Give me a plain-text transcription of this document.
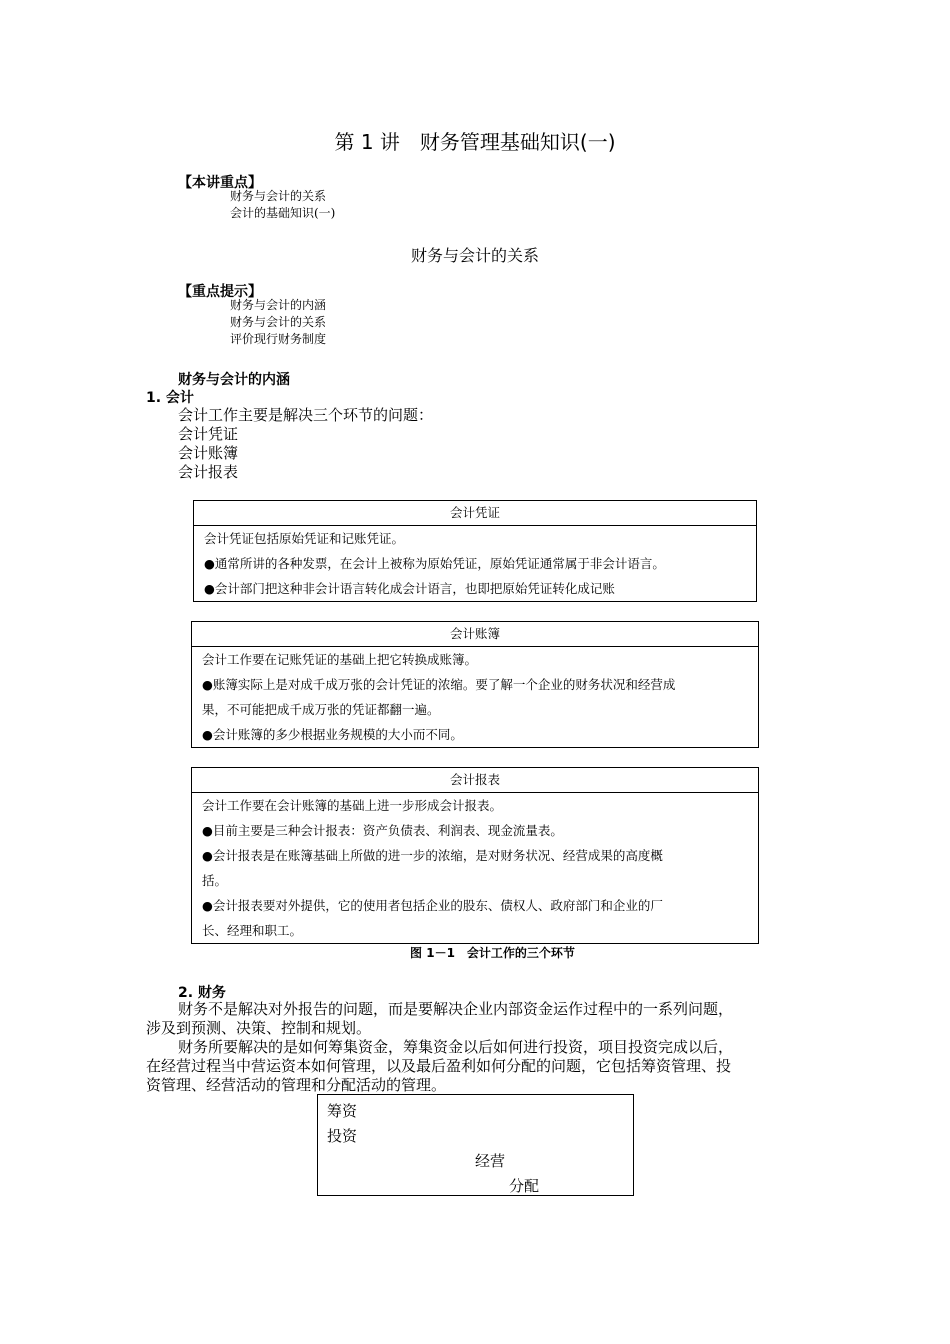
第 1 讲　财务管理基础知识(一)
【本讲重点】
财务与会计的关系
会计的基础知识(一)
财务与会计的关系
【重点提示】
财务与会计的内涵
财务与会计的关系
评价现行财务制度
财务与会计的内涵
1. 会计
会计工作主要是解决三个环节的问题：
会计凭证
会计账簿
会计报表
会计凭证
会计凭证包括原始凭证和记账凭证。
●通常所讲的各种发票，在会计上被称为原始凭证，原始凭证通常属于非会计语言。
●会计部门把这种非会计语言转化成会计语言，也即把原始凭证转化成记账
会计账簿
会计工作要在记账凭证的基础上把它转换成账簿。
●账簿实际上是对成千成万张的会计凭证的浓缩。要了解一个企业的财务状况和经营成
果，不可能把成千成万张的凭证都翻一遍。
●会计账簿的多少根据业务规模的大小而不同。
会计报表
会计工作要在会计账簿的基础上进一步形成会计报表。
●目前主要是三种会计报表：资产负债表、利润表、现金流量表。
●会计报表是在账簿基础上所做的进一步的浓缩，是对财务状况、经营成果的高度概
括。
●会计报表要对外提供，它的使用者包括企业的股东、债权人、政府部门和企业的厂
长、经理和职工。
图 1－1　会计工作的三个环节
2. 财务
财务不是解决对外报告的问题，而是要解决企业内部资金运作过程中的一系列问题，
涉及到预测、决策、控制和规划。
财务所要解决的是如何筹集资金，筹集资金以后如何进行投资，项目投资完成以后，
在经营过程当中营运资本如何管理，以及最后盈利如何分配的问题，它包括筹资管理、投
资管理、经营活动的管理和分配活动的管理。
筹资
投资
经营
分配
